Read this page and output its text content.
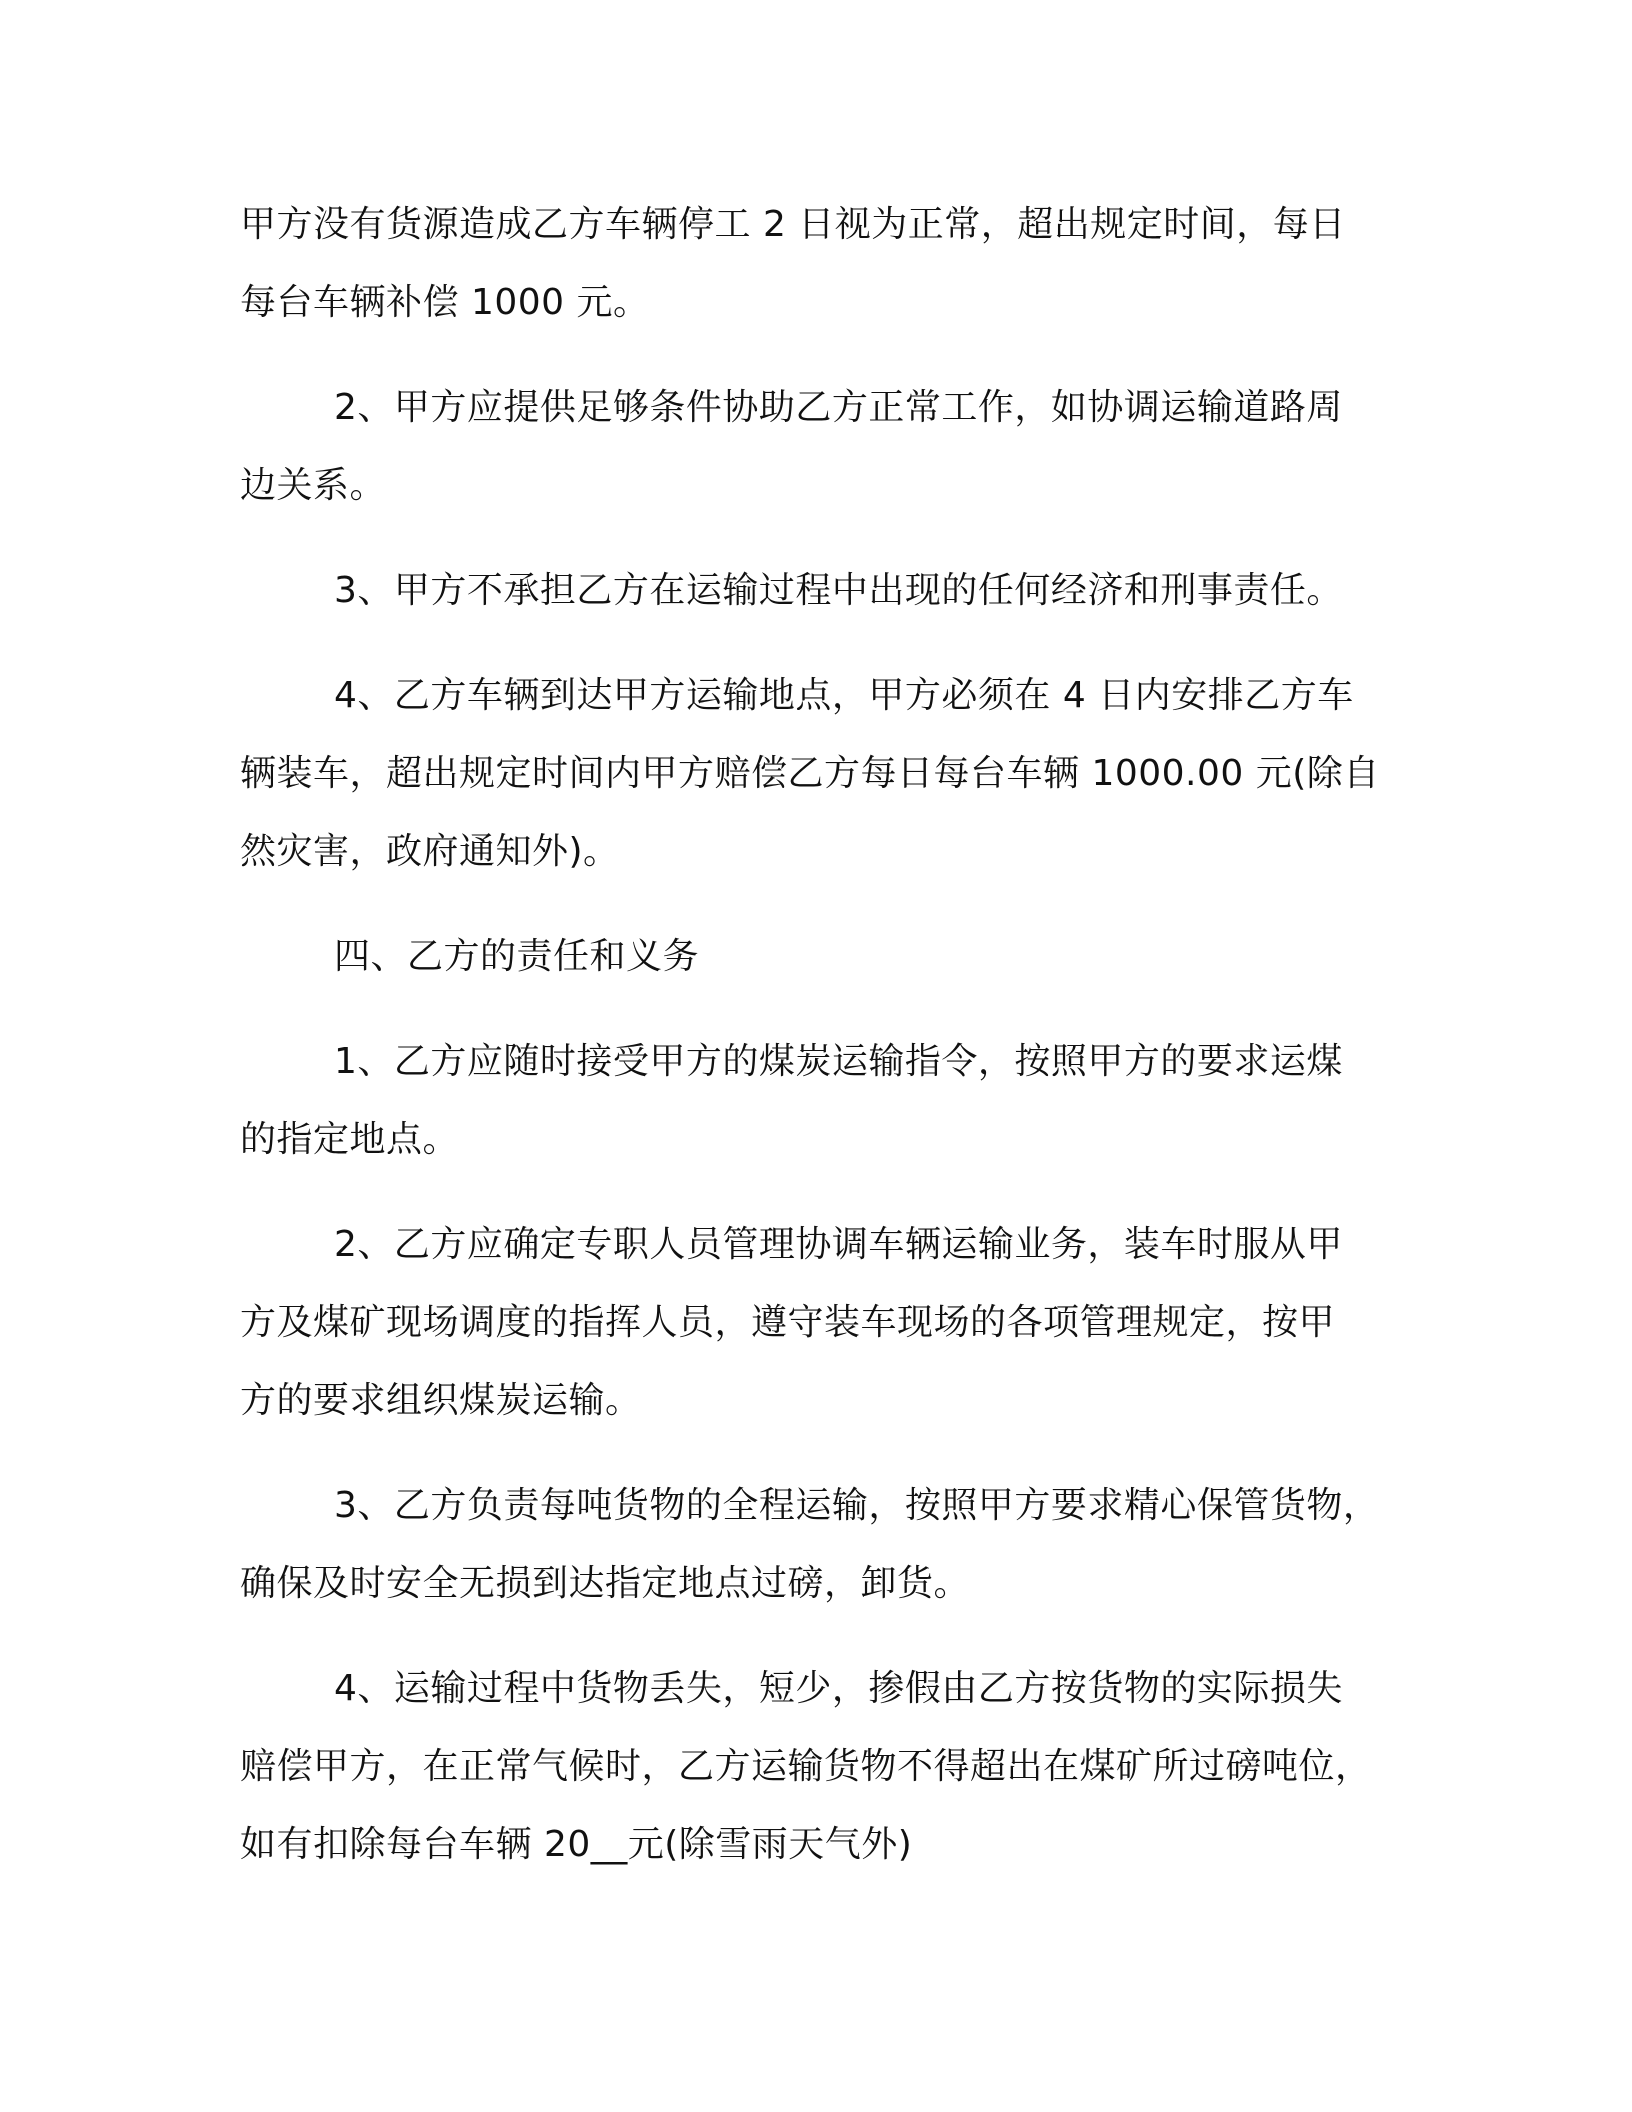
甲方没有货源造成乙方车辆停工 2 日视为正常，超出规定时间，每日
每台车辆补偿 1000 元。

2、甲方应提供足够条件协助乙方正常工作，如协调运输道路周
边关系。

3、甲方不承担乙方在运输过程中出现的任何经济和刑事责任。

4、乙方车辆到达甲方运输地点，甲方必须在 4 日内安排乙方车
辆装车，超出规定时间内甲方赔偿乙方每日每台车辆 1000.00 元(除自
然灾害，政府通知外)。

四、乙方的责任和义务

1、乙方应随时接受甲方的煤炭运输指令，按照甲方的要求运煤
的指定地点。

2、乙方应确定专职人员管理协调车辆运输业务，装车时服从甲
方及煤矿现场调度的指挥人员，遵守装车现场的各项管理规定，按甲
方的要求组织煤炭运输。

3、乙方负责每吨货物的全程运输，按照甲方要求精心保管货物，
确保及时安全无损到达指定地点过磅，卸货。

4、运输过程中货物丢失，短少，掺假由乙方按货物的实际损失
赔偿甲方，在正常气候时，乙方运输货物不得超出在煤矿所过磅吨位，
如有扣除每台车辆 20__元(除雪雨天气外)
